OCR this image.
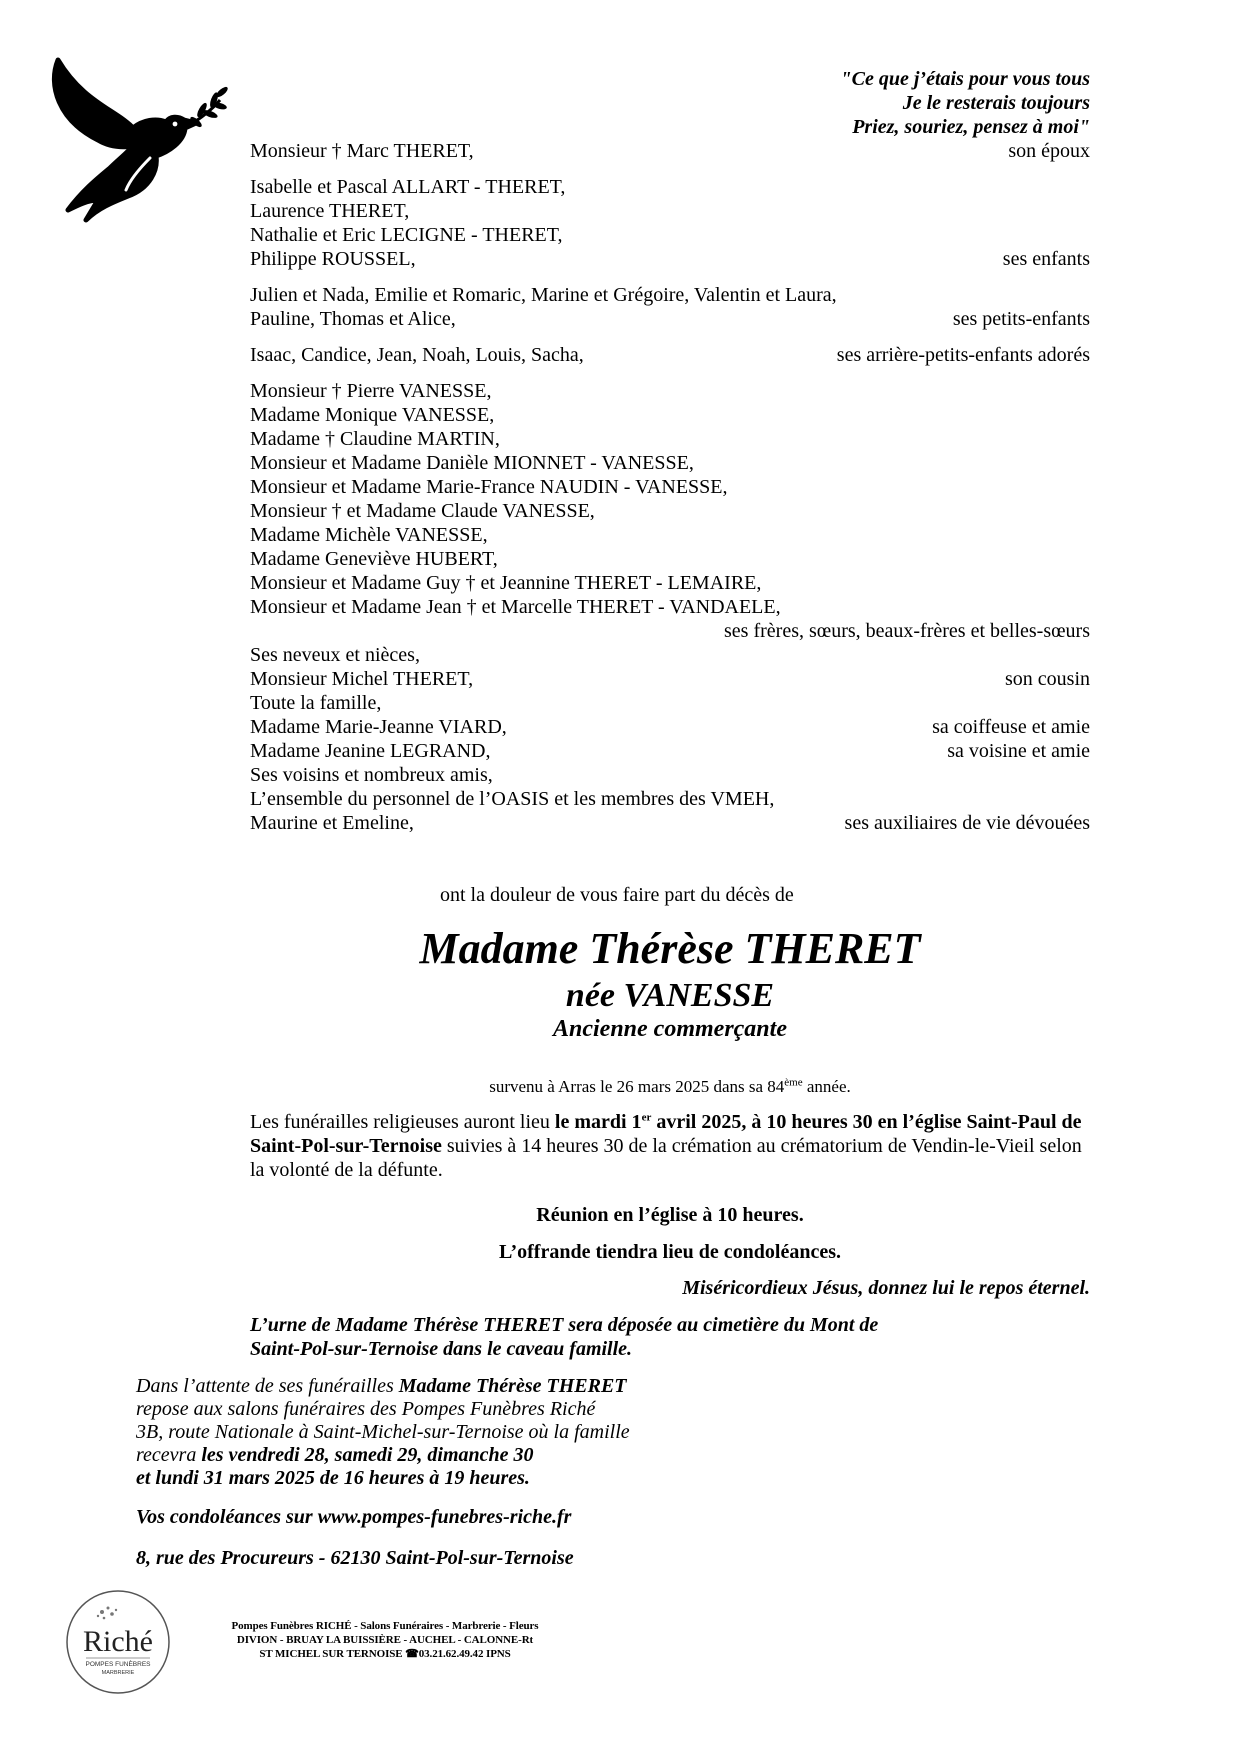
"Ce que j’étais pour vous tous
Je le resterais toujours
Priez, souriez, pensez à moi"
Monsieur † Marc THERET,	son époux
Isabelle et Pascal ALLART - THERET,
Laurence THERET,
Nathalie et Eric LECIGNE - THERET,
Philippe ROUSSEL,	ses enfants
Julien et Nada, Emilie et Romaric, Marine et Grégoire, Valentin et Laura,
Pauline, Thomas et Alice,	ses petits-enfants
Isaac, Candice, Jean, Noah, Louis, Sacha,	ses arrière-petits-enfants adorés
Monsieur † Pierre VANESSE,
Madame Monique VANESSE,
Madame † Claudine MARTIN,
Monsieur et Madame Danièle MIONNET - VANESSE,
Monsieur et Madame Marie-France NAUDIN - VANESSE,
Monsieur † et Madame Claude VANESSE,
Madame Michèle VANESSE,
Madame Geneviève HUBERT,
Monsieur et Madame Guy † et Jeannine THERET - LEMAIRE,
Monsieur et Madame Jean † et Marcelle THERET - VANDAELE,
ses frères, sœurs, beaux-frères et belles-sœurs
Ses neveux et nièces,
Monsieur Michel THERET,	son cousin
Toute la famille,
Madame Marie-Jeanne VIARD,	sa coiffeuse et amie
Madame Jeanine LEGRAND,	sa voisine et amie
Ses voisins et nombreux amis,
L’ensemble du personnel de l’OASIS et les membres des VMEH,
Maurine et Emeline,	ses auxiliaires de vie dévouées
ont la douleur de vous faire part du décès de
Madame Thérèse THERET
née VANESSE
Ancienne commerçante
survenu à Arras le 26 mars 2025 dans sa 84ème année.
Les funérailles religieuses auront lieu le mardi 1er avril 2025, à 10 heures 30 en l’église Saint-Paul de Saint-Pol-sur-Ternoise suivies à 14 heures 30 de la crémation au crématorium de Vendin-le-Vieil selon la volonté de la défunte.
Réunion en l’église à 10 heures.
L’offrande tiendra lieu de condoléances.
Miséricordieux Jésus, donnez lui le repos éternel.
L’urne de Madame Thérèse THERET sera déposée au cimetière du Mont de
Saint-Pol-sur-Ternoise dans le caveau famille.
Dans l’attente de ses funérailles Madame Thérèse THERET
repose aux salons funéraires des Pompes Funèbres Riché
3B, route Nationale à Saint-Michel-sur-Ternoise où la famille
recevra les vendredi 28, samedi 29, dimanche 30
et lundi 31 mars 2025 de 16 heures à 19 heures.
Vos condoléances sur www.pompes-funebres-riche.fr
8, rue des Procureurs - 62130 Saint-Pol-sur-Ternoise
Riché
POMPES FUNÈBRES
MARBRERIE
Pompes Funèbres RICHÉ - Salons Funéraires - Marbrerie - Fleurs
DIVION - BRUAY LA BUISSIÈRE - AUCHEL - CALONNE-Rt
ST MICHEL SUR TERNOISE ☎03.21.62.49.42 IPNS
